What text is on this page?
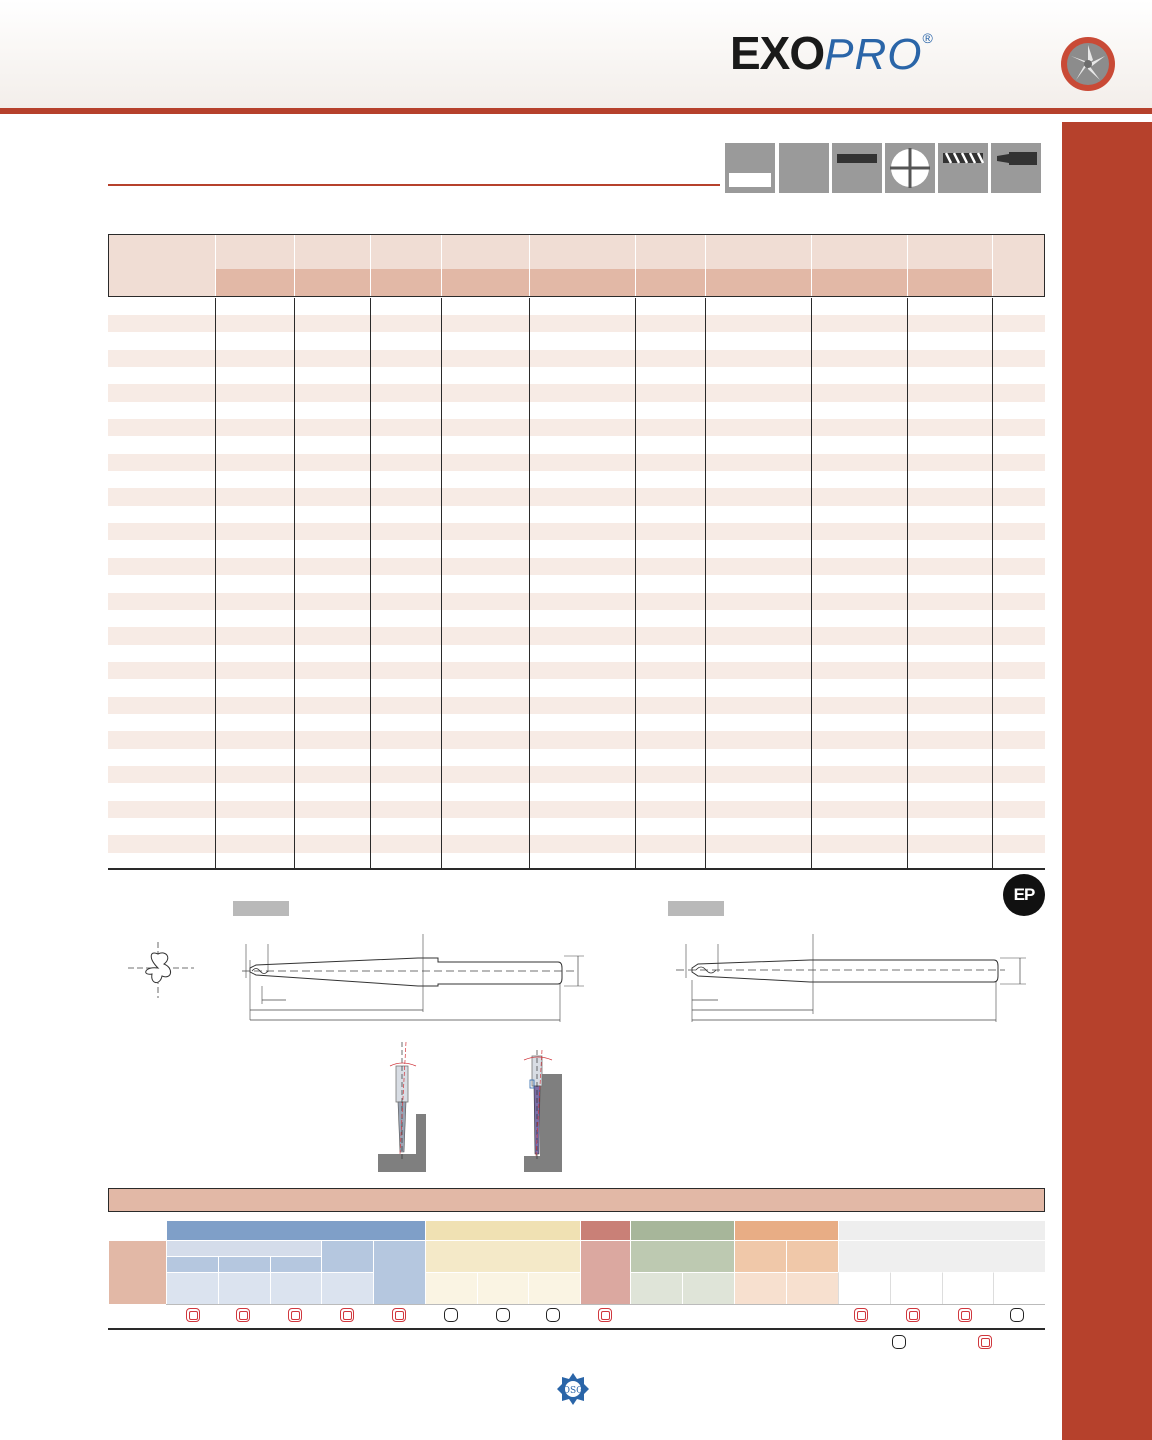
EXO PRO ®
EP
OSG
